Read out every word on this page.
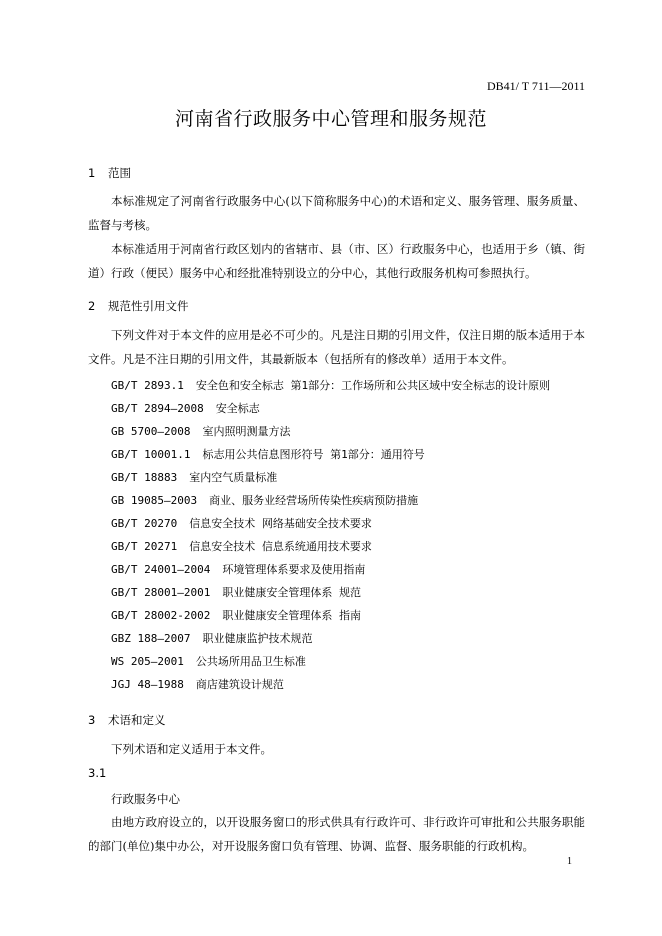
DB41/ T 711—2011
河南省行政服务中心管理和服务规范
1 范围
本标准规定了河南省行政服务中心(以下简称服务中心)的术语和定义、服务管理、服务质量、监督与考核。
本标准适用于河南省行政区划内的省辖市、县（市、区）行政服务中心，也适用于乡（镇、街道）行政（便民）服务中心和经批准特别设立的分中心，其他行政服务机构可参照执行。
2 规范性引用文件
下列文件对于本文件的应用是必不可少的。凡是注日期的引用文件，仅注日期的版本适用于本文件。凡是不注日期的引用文件，其最新版本（包括所有的修改单）适用于本文件。
GB/T 2893.1 安全色和安全标志 第1部分：工作场所和公共区域中安全标志的设计原则
GB/T 2894—2008 安全标志
GB 5700—2008 室内照明测量方法
GB/T 10001.1 标志用公共信息图形符号 第1部分：通用符号
GB/T 18883 室内空气质量标准
GB 19085—2003 商业、服务业经营场所传染性疾病预防措施
GB/T 20270 信息安全技术 网络基础安全技术要求
GB/T 20271 信息安全技术 信息系统通用技术要求
GB/T 24001—2004 环境管理体系要求及使用指南
GB/T 28001—2001 职业健康安全管理体系 规范
GB/T 28002-2002 职业健康安全管理体系 指南
GBZ 188—2007 职业健康监护技术规范
WS 205—2001 公共场所用品卫生标准
JGJ 48—1988 商店建筑设计规范
3 术语和定义
下列术语和定义适用于本文件。
3.1
行政服务中心
由地方政府设立的，以开设服务窗口的形式供具有行政许可、非行政许可审批和公共服务职能的部门(单位)集中办公，对开设服务窗口负有管理、协调、监督、服务职能的行政机构。
1
